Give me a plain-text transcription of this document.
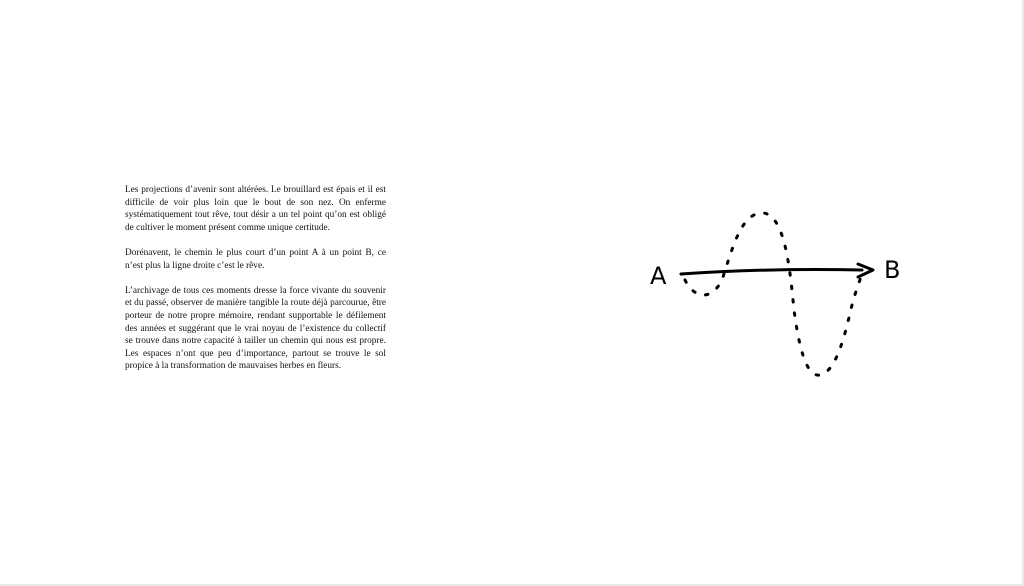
Les projections d’avenir sont altérées. Le brouillard est épais et il est difficile de voir plus loin que le bout de son nez. On enferme systématiquement tout rêve, tout désir a un tel point qu’on est obligé de cultiver le moment présent comme unique certitude.

Dorénavent, le chemin le plus court d’un point A à un point B, ce n’est plus la ligne droite c’est le rêve.

L’archivage de tous ces moments dresse la force vivante du souvenir et du passé, observer de manière tangible la route déjà parcourue, être porteur de notre propre mémoire, rendant supportable le défilement des années et suggérant que le vrai noyau de l’existence du collectif se trouve dans notre capacité à tailler un chemin qui nous est propre. Les espaces n’ont que peu d’importance, partout se trouve le sol propice à la transformation de mauvaises herbes en fleurs.

A	B
